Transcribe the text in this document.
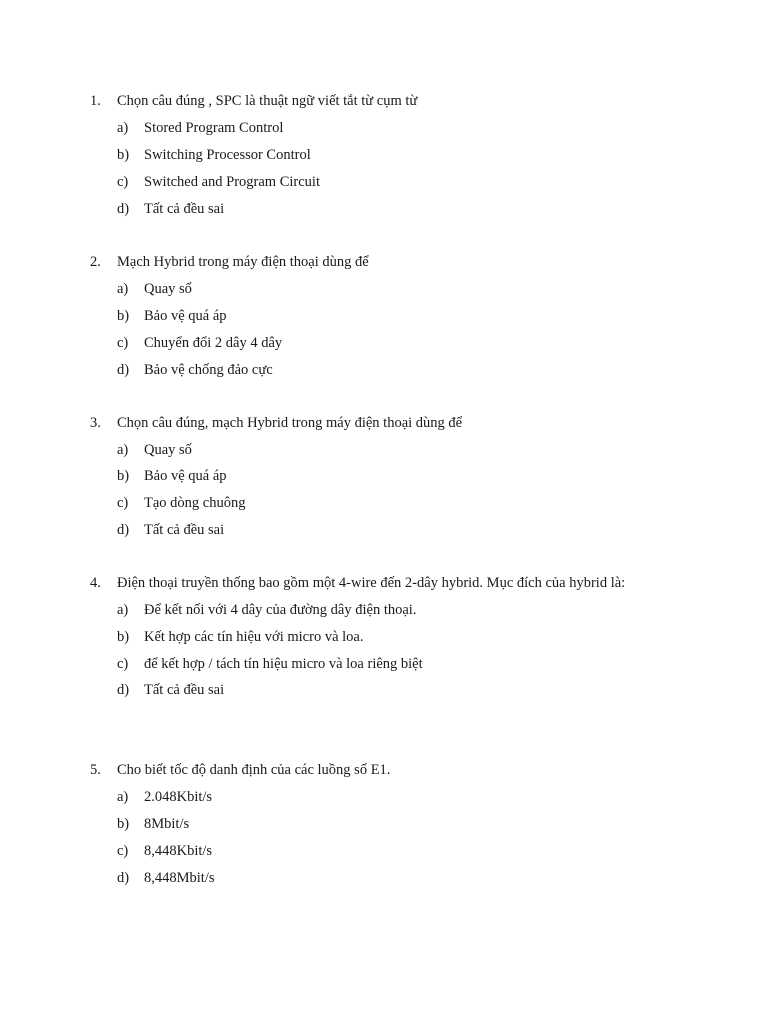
1. Chọn câu đúng , SPC là thuật ngữ viết tắt từ cụm từ
a) Stored Program Control
b) Switching Processor Control
c) Switched and Program Circuit
d) Tất cả đều sai
2. Mạch Hybrid trong máy điện thoại dùng để
a) Quay số
b) Bảo vệ quá áp
c) Chuyển đổi 2 dây 4 dây
d) Bảo vệ chống đảo cực
3. Chọn câu đúng, mạch Hybrid trong máy điện thoại dùng để
a) Quay số
b) Bảo vệ quá áp
c) Tạo dòng chuông
d) Tất cả đều sai
4. Điện thoại truyền thống bao gồm một 4-wire đến 2-dây hybrid. Mục đích của hybrid là:
a) Để kết nối với 4 dây của đường dây điện thoại.
b) Kết hợp các tín hiệu với micro và loa.
c) để kết hợp / tách tín hiệu micro và loa riêng biệt
d) Tất cả đều sai
5. Cho biết tốc độ danh định của các luồng số E1.
a) 2.048Kbit/s
b) 8Mbit/s
c) 8,448Kbit/s
d) 8,448Mbit/s
